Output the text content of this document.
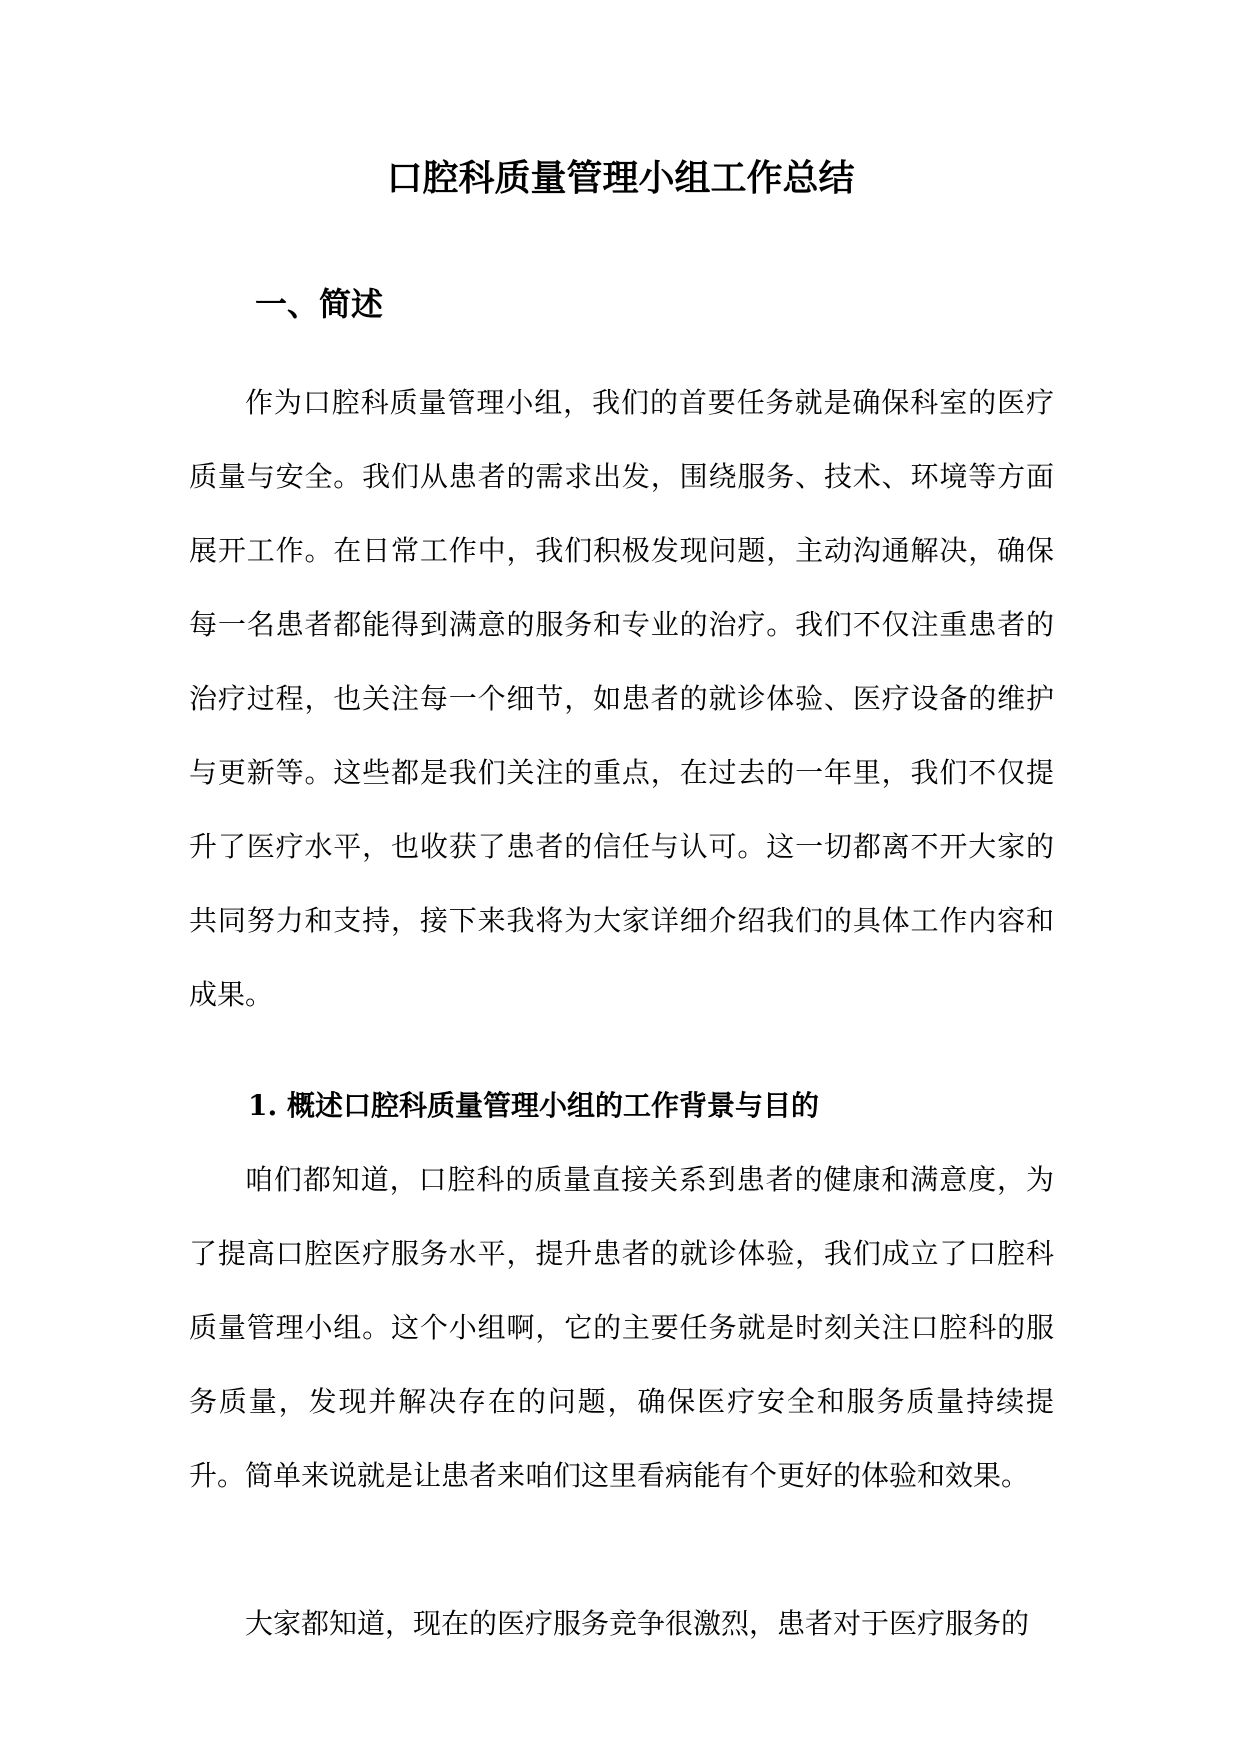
口腔科质量管理小组工作总结
一、简述

作为口腔科质量管理小组，我们的首要任务就是确保科室的医疗质量与安全。我们从患者的需求出发，围绕服务、技术、环境等方面展开工作。在日常工作中，我们积极发现问题，主动沟通解决，确保每一名患者都能得到满意的服务和专业的治疗。我们不仅注重患者的治疗过程，也关注每一个细节，如患者的就诊体验、医疗设备的维护与更新等。这些都是我们关注的重点，在过去的一年里，我们不仅提升了医疗水平，也收获了患者的信任与认可。这一切都离不开大家的共同努力和支持，接下来我将为大家详细介绍我们的具体工作内容和成果。

1. 概述口腔科质量管理小组的工作背景与目的

咱们都知道，口腔科的质量直接关系到患者的健康和满意度，为了提高口腔医疗服务水平，提升患者的就诊体验，我们成立了口腔科质量管理小组。这个小组啊，它的主要任务就是时刻关注口腔科的服务质量，发现并解决存在的问题，确保医疗安全和服务质量持续提升。简单来说就是让患者来咱们这里看病能有个更好的体验和效果。

大家都知道，现在的医疗服务竞争很激烈，患者对于医疗服务的
